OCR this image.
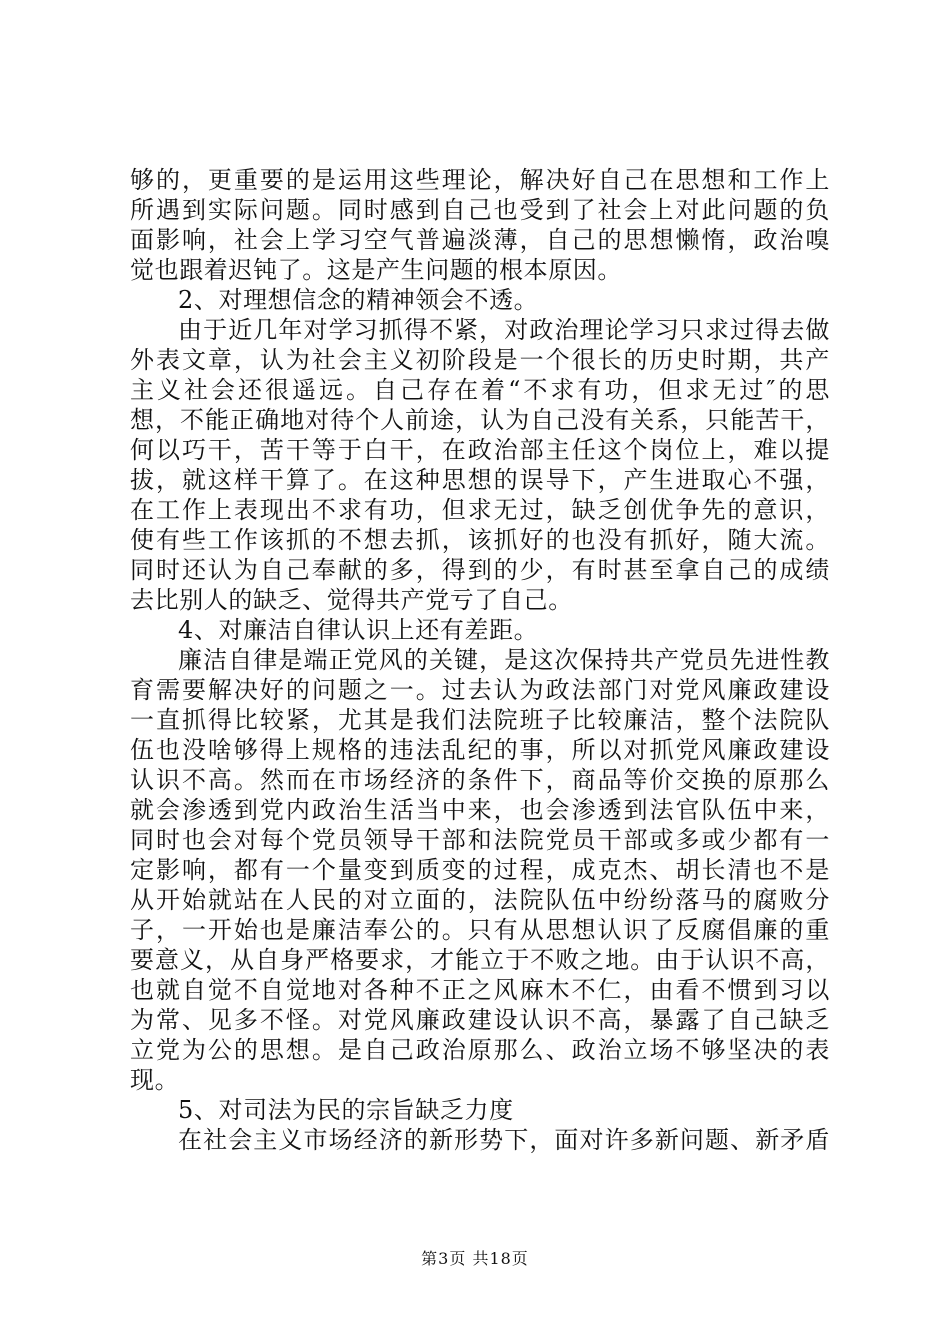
够的，更重要的是运用这些理论，解决好自己在思想和工作上
所遇到实际问题。同时感到自己也受到了社会上对此问题的负
面影响，社会上学习空气普遍淡薄，自己的思想懒惰，政治嗅
觉也跟着迟钝了。这是产生问题的根本原因。
2、对理想信念的精神领会不透。
由于近几年对学习抓得不紧，对政治理论学习只求过得去做
外表文章，认为社会主义初阶段是一个很长的历史时期，共产
主义社会还很遥远。自己存在着“不求有功，但求无过″的思
想，不能正确地对待个人前途，认为自己没有关系，只能苦干，
何以巧干，苦干等于白干，在政治部主任这个岗位上，难以提
拔，就这样干算了。在这种思想的误导下，产生进取心不强，
在工作上表现出不求有功，但求无过，缺乏创优争先的意识，
使有些工作该抓的不想去抓，该抓好的也没有抓好，随大流。
同时还认为自己奉献的多，得到的少，有时甚至拿自己的成绩
去比别人的缺乏、觉得共产党亏了自己。
4、对廉洁自律认识上还有差距。
廉洁自律是端正党风的关键，是这次保持共产党员先进性教
育需要解决好的问题之一。过去认为政法部门对党风廉政建设
一直抓得比较紧，尤其是我们法院班子比较廉洁，整个法院队
伍也没啥够得上规格的违法乱纪的事，所以对抓党风廉政建设
认识不高。然而在市场经济的条件下，商品等价交换的原那么
就会渗透到党内政治生活当中来，也会渗透到法官队伍中来，
同时也会对每个党员领导干部和法院党员干部或多或少都有一
定影响，都有一个量变到质变的过程，成克杰、胡长清也不是
从开始就站在人民的对立面的，法院队伍中纷纷落马的腐败分
子，一开始也是廉洁奉公的。只有从思想认识了反腐倡廉的重
要意义，从自身严格要求，才能立于不败之地。由于认识不高，
也就自觉不自觉地对各种不正之风麻木不仁，由看不惯到习以
为常、见多不怪。对党风廉政建设认识不高，暴露了自己缺乏
立党为公的思想。是自己政治原那么、政治立场不够坚决的表
现。
5、对司法为民的宗旨缺乏力度
在社会主义市场经济的新形势下，面对许多新问题、新矛盾
第3页 共18页
